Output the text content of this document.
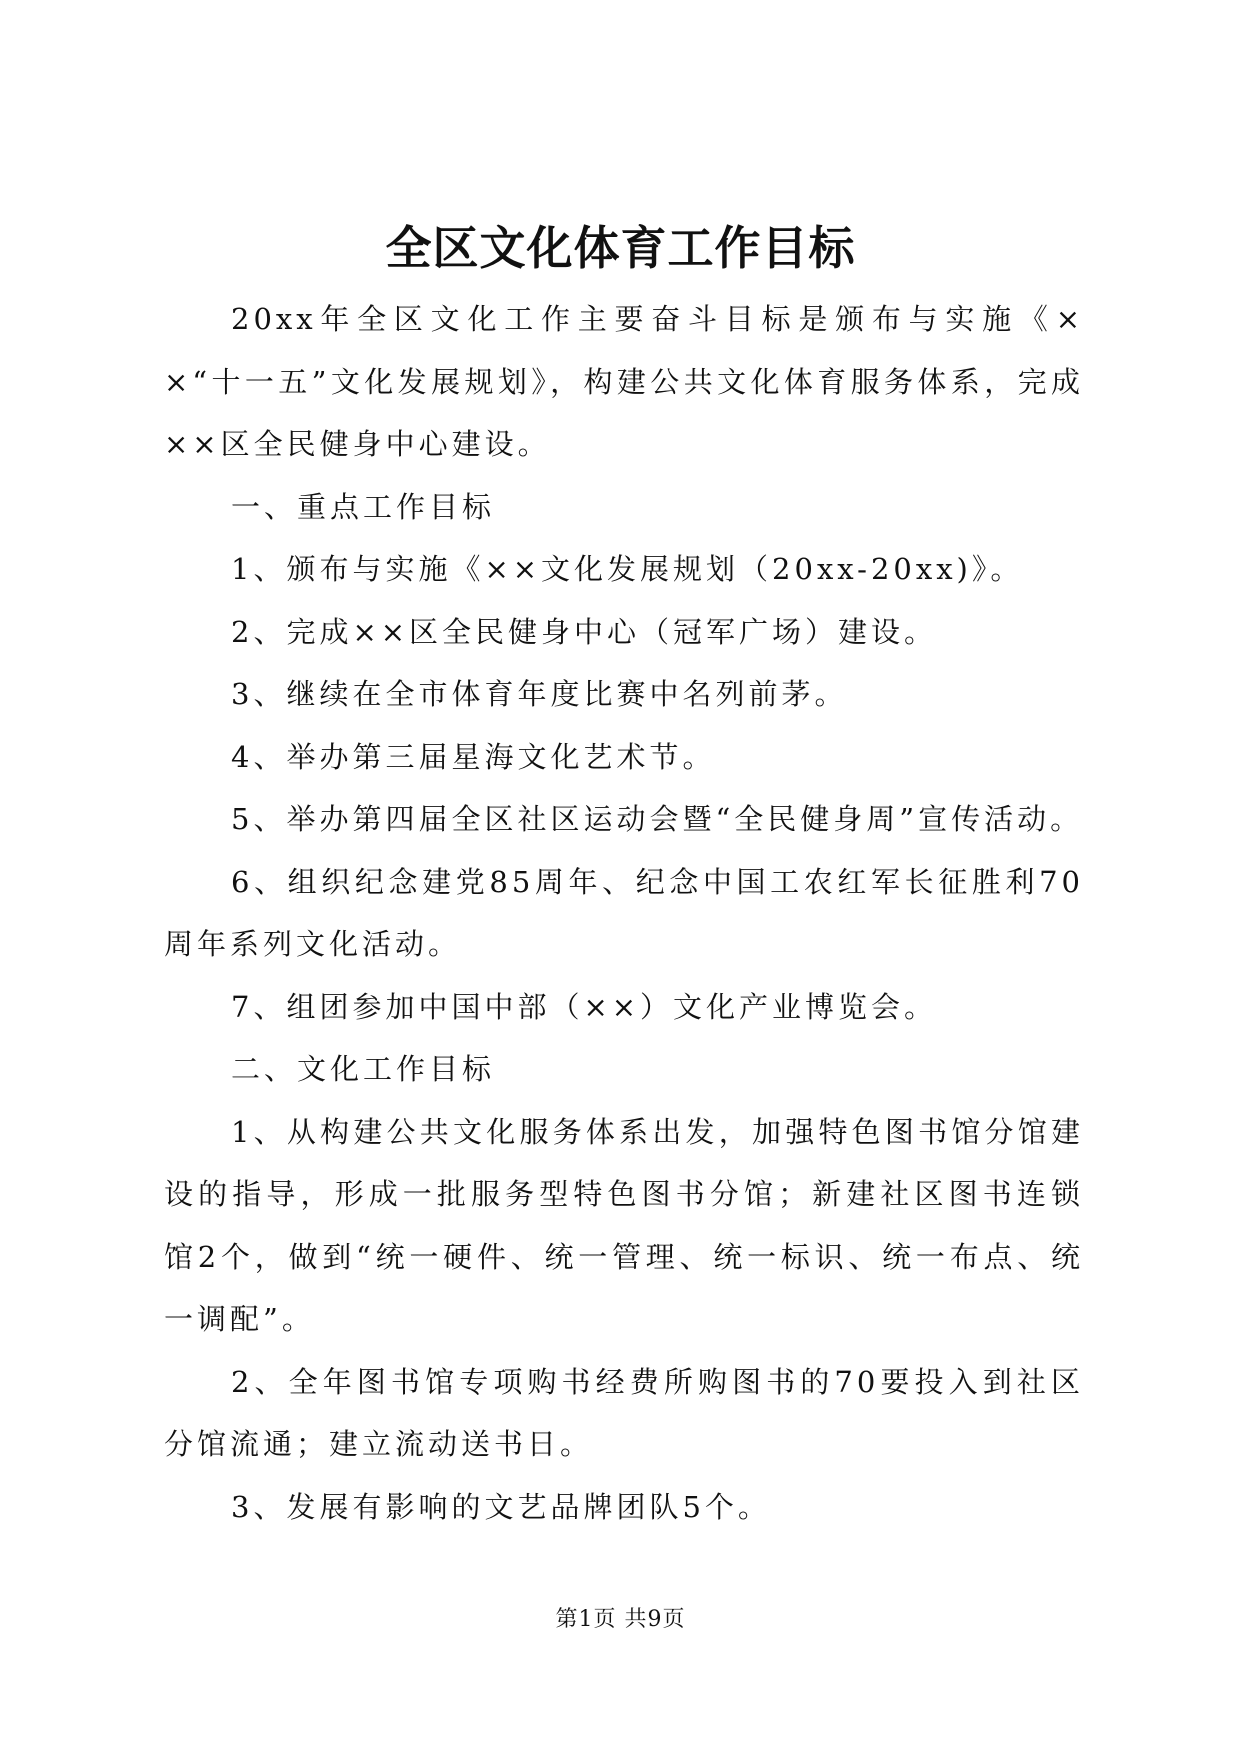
全区文化体育工作目标

20xx年全区文化工作主要奋斗目标是颁布与实施《××“十一五”文化发展规划》，构建公共文化体育服务体系，完成××区全民健身中心建设。

一、重点工作目标

1、颁布与实施《××文化发展规划（20xx-20xx)》。

2、完成××区全民健身中心（冠军广场）建设。

3、继续在全市体育年度比赛中名列前茅。

4、举办第三届星海文化艺术节。

5、举办第四届全区社区运动会暨“全民健身周”宣传活动。

6、组织纪念建党85周年、纪念中国工农红军长征胜利70周年系列文化活动。

7、组团参加中国中部（××）文化产业博览会。

二、文化工作目标

1、从构建公共文化服务体系出发，加强特色图书馆分馆建设的指导，形成一批服务型特色图书分馆；新建社区图书连锁馆2个，做到“统一硬件、统一管理、统一标识、统一布点、统一调配”。

2、全年图书馆专项购书经费所购图书的70要投入到社区分馆流通；建立流动送书日。

3、发展有影响的文艺品牌团队5个。

第1页 共9页
